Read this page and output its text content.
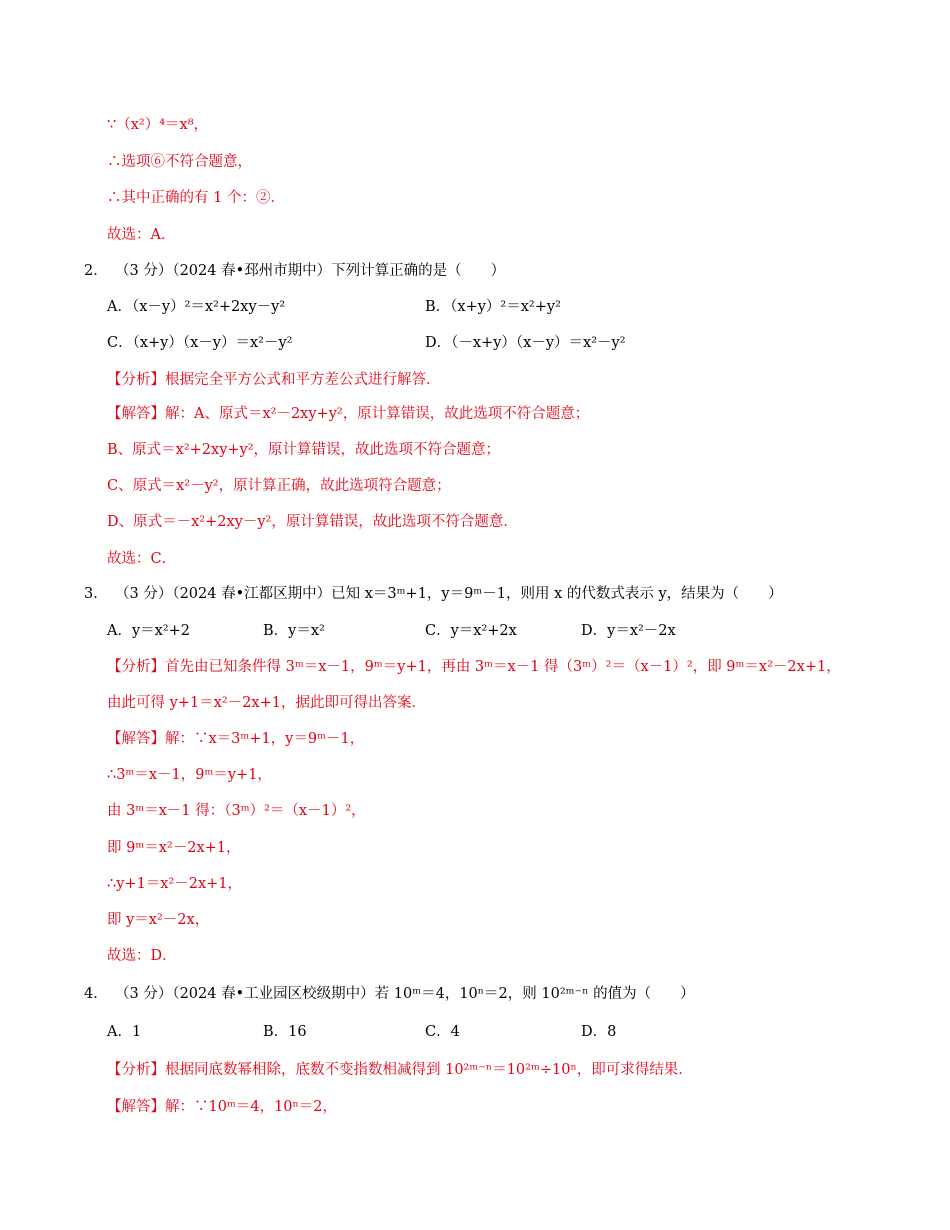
∵（x²）⁴＝x⁸，
∴选项⑥不符合题意，
∴其中正确的有 1 个：②．
故选：A．
2． （3 分）（2024 春•邳州市期中）下列计算正确的是（　　）
A．（x－y）²＝x²+2xy－y²	B．（x+y）²＝x²+y²
C．（x+y）（x－y）＝x²－y²	D．（－x+y）（x－y）＝x²－y²
【分析】根据完全平方公式和平方差公式进行解答．
【解答】解：A、原式＝x²－2xy+y²，原计算错误，故此选项不符合题意；
B、原式＝x²+2xy+y²，原计算错误，故此选项不符合题意；
C、原式＝x²－y²，原计算正确，故此选项符合题意；
D、原式＝－x²+2xy－y²，原计算错误，故此选项不符合题意．
故选：C．
3． （3 分）（2024 春•江都区期中）已知 x＝3ᵐ+1，y＝9ᵐ－1，则用 x 的代数式表示 y，结果为（　　）
A．y＝x²+2	B．y＝x²	C．y＝x²+2x	D．y＝x²－2x
【分析】首先由已知条件得 3ᵐ＝x－1，9ᵐ＝y+1，再由 3ᵐ＝x－1 得（3ᵐ）²＝（x－1）²，即 9ᵐ＝x²－2x+1，
由此可得 y+1＝x²－2x+1，据此即可得出答案．
【解答】解：∵x＝3ᵐ+1，y＝9ᵐ－1，
∴3ᵐ＝x－1，9ᵐ＝y+1，
由 3ᵐ＝x－1 得：（3ᵐ）²＝（x－1）²，
即 9ᵐ＝x²－2x+1，
∴y+1＝x²－2x+1，
即 y＝x²－2x，
故选：D．
4． （3 分）（2024 春•工业园区校级期中）若 10ᵐ＝4，10ⁿ＝2，则 10²ᵐ⁻ⁿ 的值为（　　）
A．1	B．16	C．4	D．8
【分析】根据同底数幂相除，底数不变指数相减得到 10²ᵐ⁻ⁿ＝10²ᵐ÷10ⁿ，即可求得结果．
【解答】解：∵10ᵐ＝4，10ⁿ＝2，
